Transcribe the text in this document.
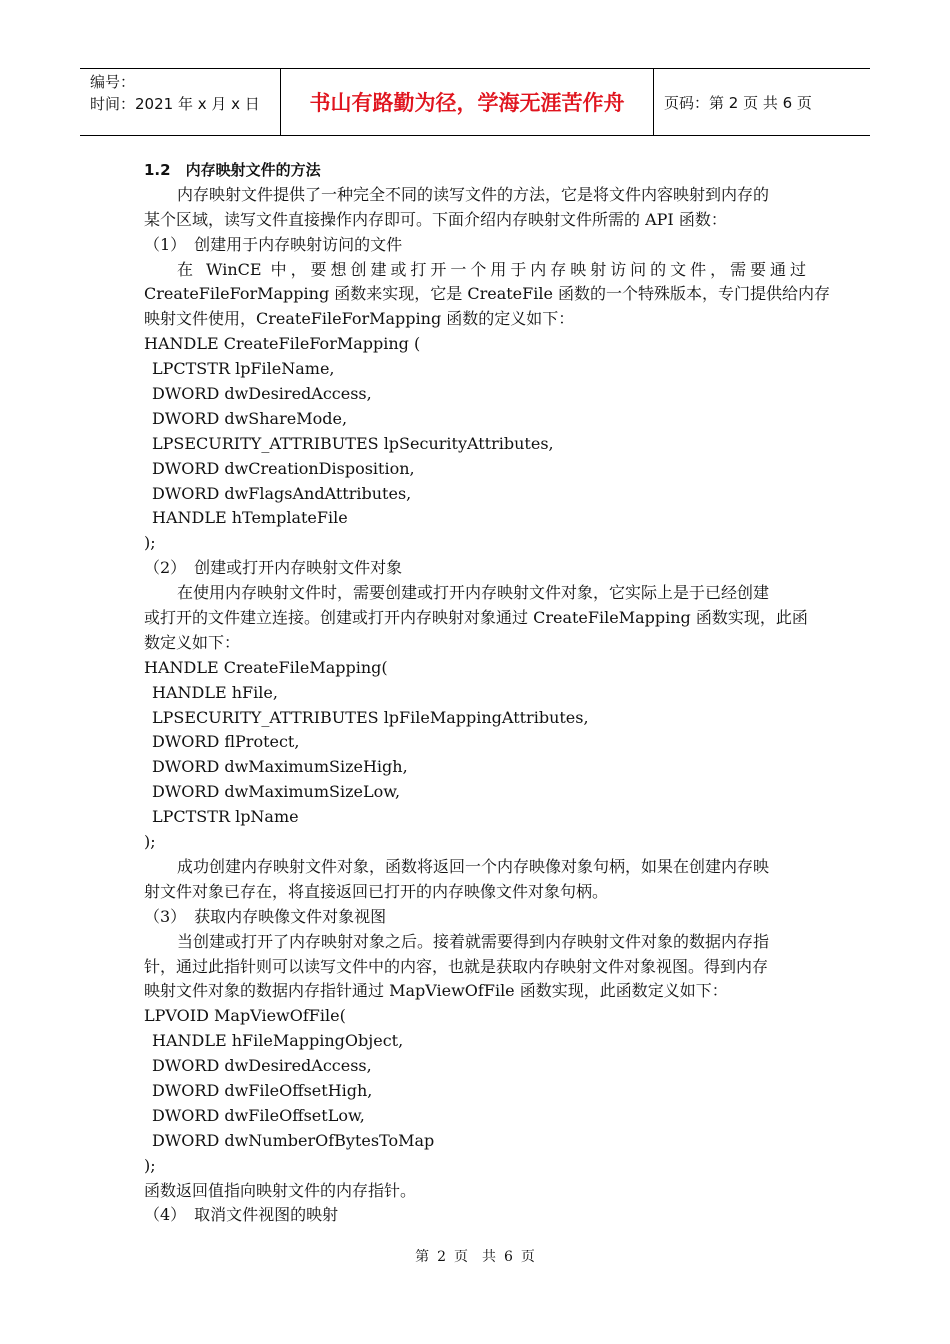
编号：
时间：2021 年 x 月 x 日	书山有路勤为径，学海无涯苦作舟	页码：第 2 页 共 6 页
1.2　内存映射文件的方法
内存映射文件提供了一种完全不同的读写文件的方法，它是将文件内容映射到内存的
某个区域，读写文件直接操作内存即可。下面介绍内存映射文件所需的 API 函数：
（1）　创建用于内存映射访问的文件
在 WinCE 中，要想创建或打开一个用于内存映射访问的文件，需要通过
CreateFileForMapping 函数来实现，它是 CreateFile 函数的一个特殊版本，专门提供给内存
映射文件使用，CreateFileForMapping 函数的定义如下：
HANDLE CreateFileForMapping (
LPCTSTR lpFileName,
DWORD dwDesiredAccess,
DWORD dwShareMode,
LPSECURITY_ATTRIBUTES lpSecurityAttributes,
DWORD dwCreationDisposition,
DWORD dwFlagsAndAttributes,
HANDLE hTemplateFile
);
（2）　创建或打开内存映射文件对象
在使用内存映射文件时，需要创建或打开内存映射文件对象，它实际上是于已经创建
或打开的文件建立连接。创建或打开内存映射对象通过 CreateFileMapping 函数实现，此函
数定义如下：
HANDLE CreateFileMapping(
HANDLE hFile,
LPSECURITY_ATTRIBUTES lpFileMappingAttributes,
DWORD flProtect,
DWORD dwMaximumSizeHigh,
DWORD dwMaximumSizeLow,
LPCTSTR lpName
);
成功创建内存映射文件对象，函数将返回一个内存映像对象句柄，如果在创建内存映
射文件对象已存在，将直接返回已打开的内存映像文件对象句柄。
（3）　获取内存映像文件对象视图
当创建或打开了内存映射对象之后。接着就需要得到内存映射文件对象的数据内存指
针，通过此指针则可以读写文件中的内容，也就是获取内存映射文件对象视图。得到内存
映射文件对象的数据内存指针通过 MapViewOfFile 函数实现，此函数定义如下：
LPVOID MapViewOfFile(
HANDLE hFileMappingObject,
DWORD dwDesiredAccess,
DWORD dwFileOffsetHigh,
DWORD dwFileOffsetLow,
DWORD dwNumberOfBytesToMap
);
函数返回值指向映射文件的内存指针。
（4）　取消文件视图的映射
第 2 页　共 6 页
